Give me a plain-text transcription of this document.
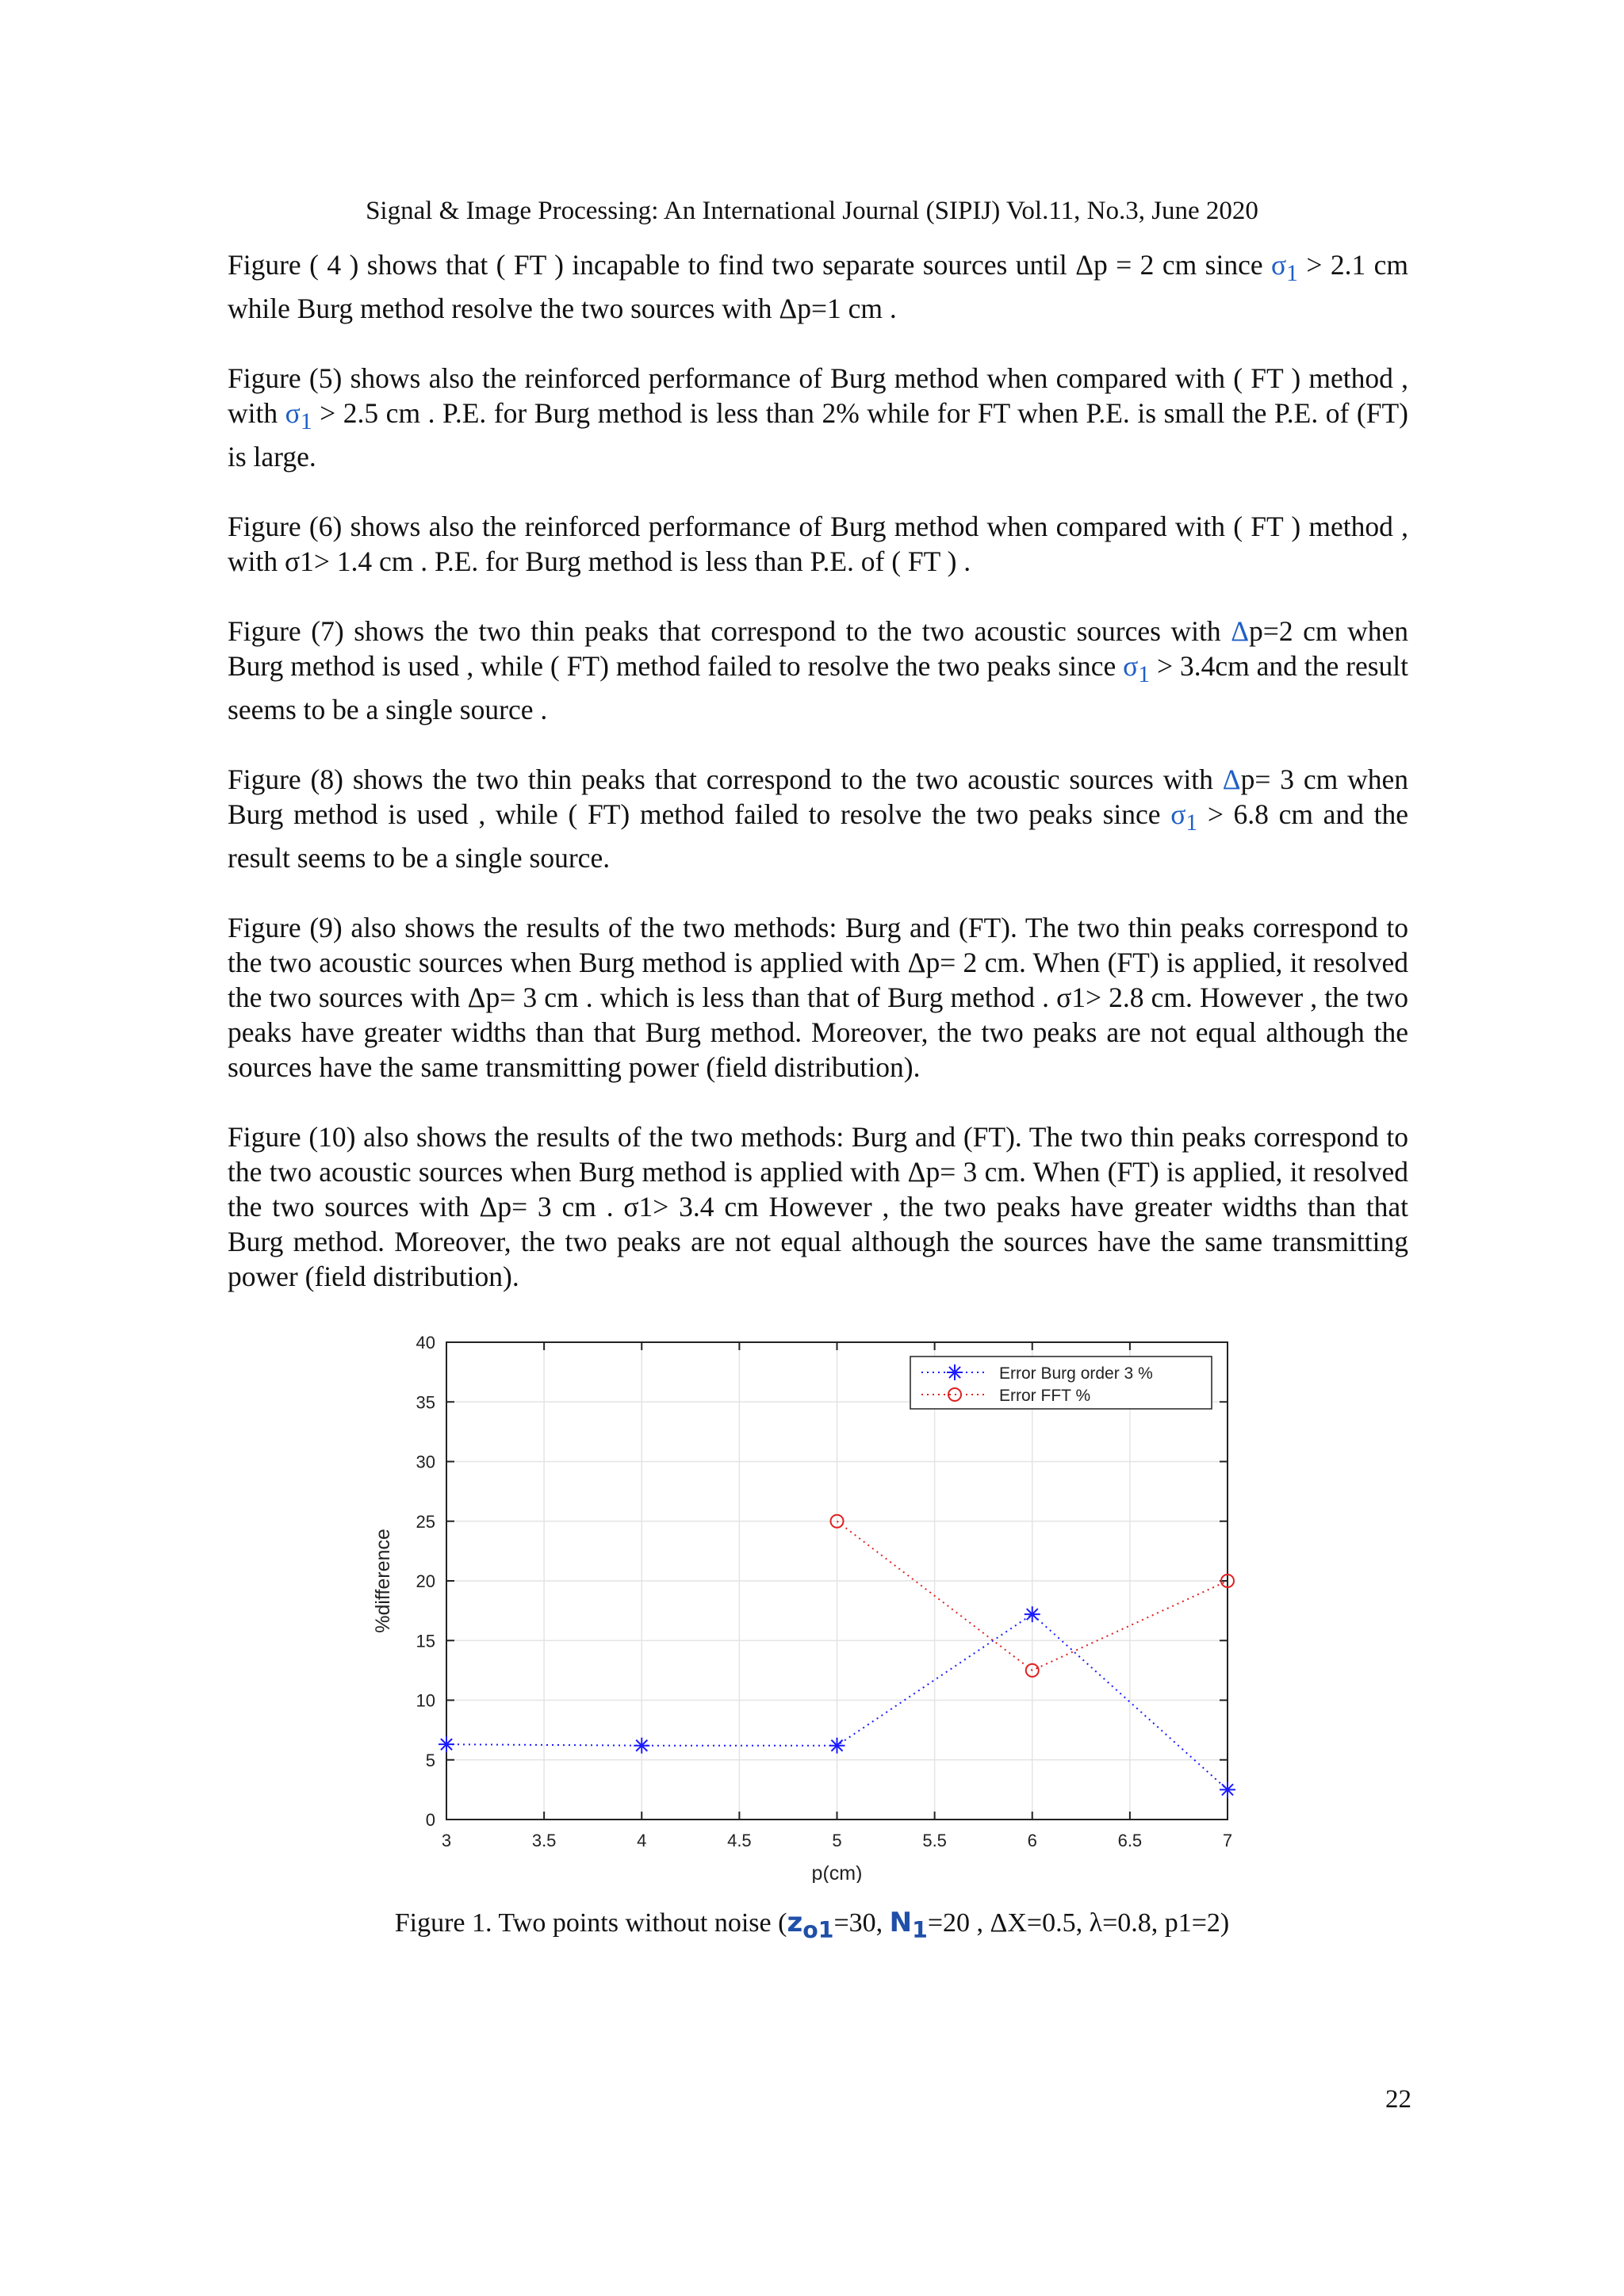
Signal & Image Processing: An International Journal (SIPIJ) Vol.11, No.3, June 2020

Figure ( 4 ) shows that ( FT ) incapable to find two separate sources until Δp = 2 cm since $\sigma_1 > 2.1$ cm while Burg method resolve the two sources with Δp=1 cm .

Figure (5) shows also the reinforced performance of Burg method when compared with ( FT ) method , with $\sigma_1 > 2.5$ cm . P.E. for Burg method is less than 2% while for FT when P.E. is small the P.E. of (FT) is large.

Figure (6) shows also the reinforced performance of Burg method when compared with ( FT ) method , with σ1> 1.4 cm . P.E. for Burg method is less than P.E. of ( FT ) .

Figure (7) shows the two thin peaks that correspond to the two acoustic sources with Δp=2 cm when Burg method is used , while ( FT) method failed to resolve the two peaks since $\sigma_1 > 3.4cm$ and the result seems to be a single source .

Figure (8) shows the two thin peaks that correspond to the two acoustic sources with Δp= 3 cm when Burg method is used , while ( FT) method failed to resolve the two peaks since $\sigma_1 > 6.8$ cm and the result seems to be a single source.

Figure (9) also shows the results of the two methods: Burg and (FT). The two thin peaks correspond to the two acoustic sources when Burg method is applied with Δp= 2 cm. When (FT) is applied, it resolved the two sources with Δp= 3 cm . which is less than that of Burg method . σ1> 2.8 cm. However , the two peaks have greater widths than that Burg method. Moreover, the two peaks are not equal although the sources have the same transmitting power (field distribution).

Figure (10) also shows the results of the two methods: Burg and (FT). The two thin peaks correspond to the two acoustic sources when Burg method is applied with Δp= 3 cm. When (FT) is applied, it resolved the two sources with Δp= 3 cm . σ1> 3.4 cm However , the two peaks have greater widths than that Burg method. Moreover, the two peaks are not equal although the sources have the same transmitting power (field distribution).

3	3.5	4	4.5	5	5.5	6	6.5	7
0
5
10
15
20
25
30
35
40
p(cm)
%difference
Error Burg order 3 %
Error FFT %
Figure 1. Two points without noise ($z_{o1}=30$, $N_1=20$ , ΔX=0.5, λ=0.8, p1=2)
22
